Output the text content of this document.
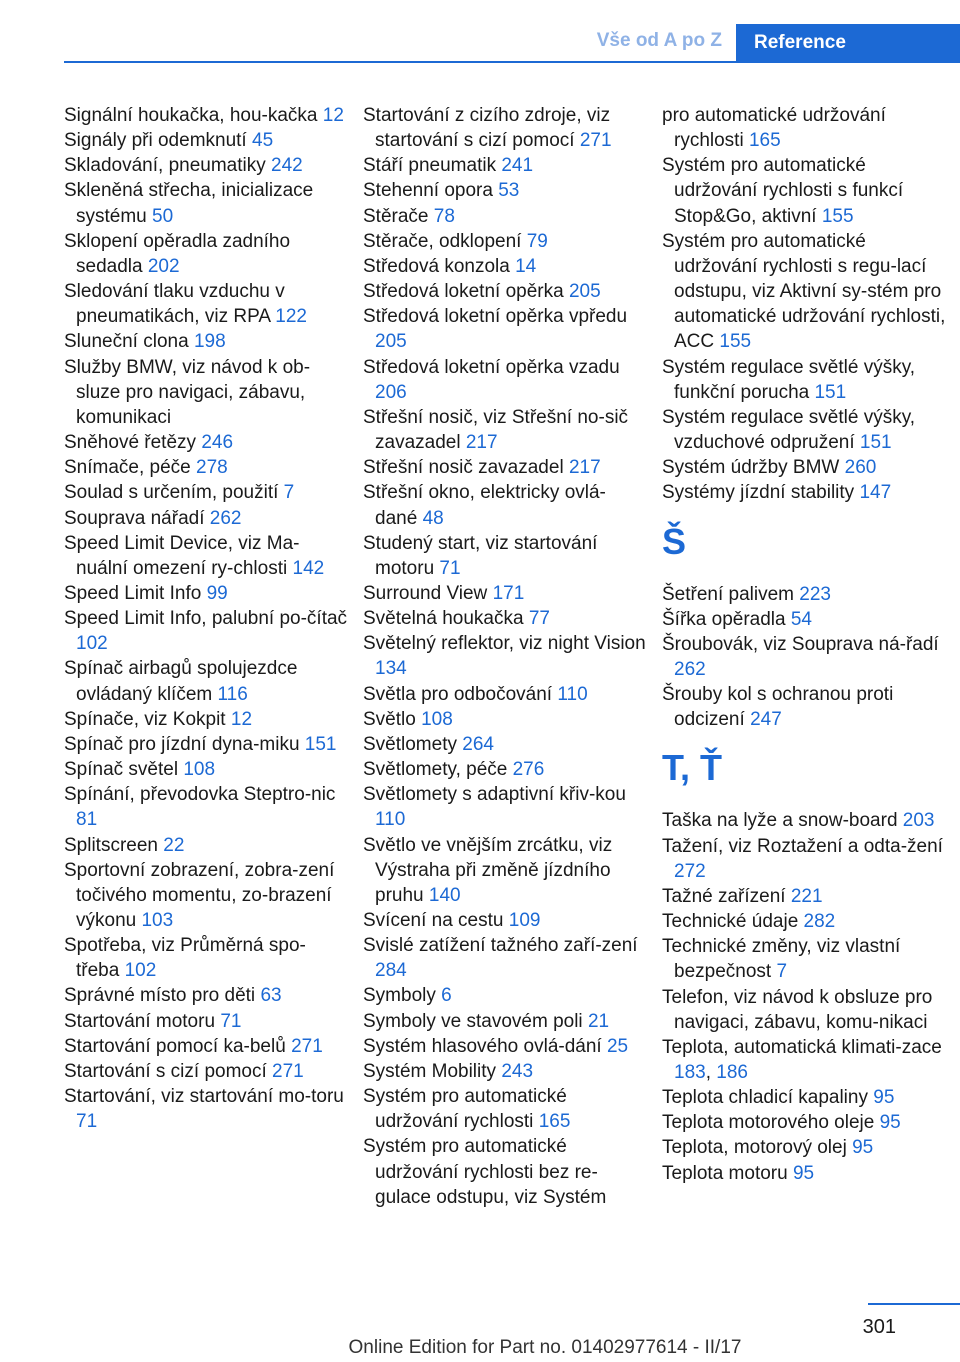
Vše od A po Z	Reference
Signální houkačka, hou‐kačka 12
Signály při odemknutí 45
Skladování, pneumatiky 242
Skleněná střecha, inicializace systému 50
Sklopení opěradla zadního sedadla 202
Sledování tlaku vzduchu v pneumatikách, viz RPA 122
Sluneční clona 198
Služby BMW, viz návod k ob‐sluze pro navigaci, zábavu, komunikaci
Sněhové řetězy 246
Snímače, péče 278
Soulad s určením, použití 7
Souprava nářadí 262
Speed Limit Device, viz Ma‐nuální omezení ry‐chlosti 142
Speed Limit Info 99
Speed Limit Info, palubní po‐čítač 102
Spínač airbagů spolujezdce ovládaný klíčem 116
Spínače, viz Kokpit 12
Spínač pro jízdní dyna‐miku 151
Spínač světel 108
Spínání, převodovka Steptro‐nic 81
Splitscreen 22
Sportovní zobrazení, zobra‐zení točivého momentu, zo‐brazení výkonu 103
Spotřeba, viz Průměrná spo‐třeba 102
Správné místo pro děti 63
Startování motoru 71
Startování pomocí ka‐belů 271
Startování s cizí pomocí 271
Startování, viz startování mo‐toru 71
Startování z cizího zdroje, viz startování s cizí pomocí 271
Stáří pneumatik 241
Stehenní opora 53
Stěrače 78
Stěrače, odklopení 79
Středová konzola 14
Středová loketní opěrka 205
Středová loketní opěrka vpředu 205
Středová loketní opěrka vzadu 206
Střešní nosič, viz Střešní no‐sič zavazadel 217
Střešní nosič zavazadel 217
Střešní okno, elektricky ovlá‐dané 48
Studený start, viz startování motoru 71
Surround View 171
Světelná houkačka 77
Světelný reflektor, viz night Vision 134
Světla pro odbočování 110
Světlo 108
Světlomety 264
Světlomety, péče 276
Světlomety s adaptivní křiv‐kou 110
Světlo ve vnějším zrcátku, viz Výstraha při změně jízdního pruhu 140
Svícení na cestu 109
Svislé zatížení tažného zaří‐zení 284
Symboly 6
Symboly ve stavovém poli 21
Systém hlasového ovlá‐dání 25
Systém Mobility 243
Systém pro automatické udržování rychlosti 165
Systém pro automatické udržování rychlosti bez re‐gulace odstupu, viz Systém
pro automatické udržování rychlosti 165
Systém pro automatické udržování rychlosti s funkcí Stop&Go, aktivní 155
Systém pro automatické udržování rychlosti s regu‐lací odstupu, viz Aktivní sy‐stém pro automatické udržování rychlosti, ACC 155
Systém regulace světlé výšky, funkční porucha 151
Systém regulace světlé výšky, vzduchové odpružení 151
Systém údržby BMW 260
Systémy jízdní stability 147
Š
Šetření palivem 223
Šířka opěradla 54
Šroubovák, viz Souprava ná‐řadí 262
Šrouby kol s ochranou proti odcizení 247
T, Ť
Taška na lyže a snow‐board 203
Tažení, viz Roztažení a odta‐žení 272
Tažné zařízení 221
Technické údaje 282
Technické změny, viz vlastní bezpečnost 7
Telefon, viz návod k obsluze pro navigaci, zábavu, komu‐nikaci
Teplota, automatická klimati‐zace 183, 186
Teplota chladicí kapaliny 95
Teplota motorového oleje 95
Teplota, motorový olej 95
Teplota motoru 95
301
Online Edition for Part no. 01402977614 - II/17
